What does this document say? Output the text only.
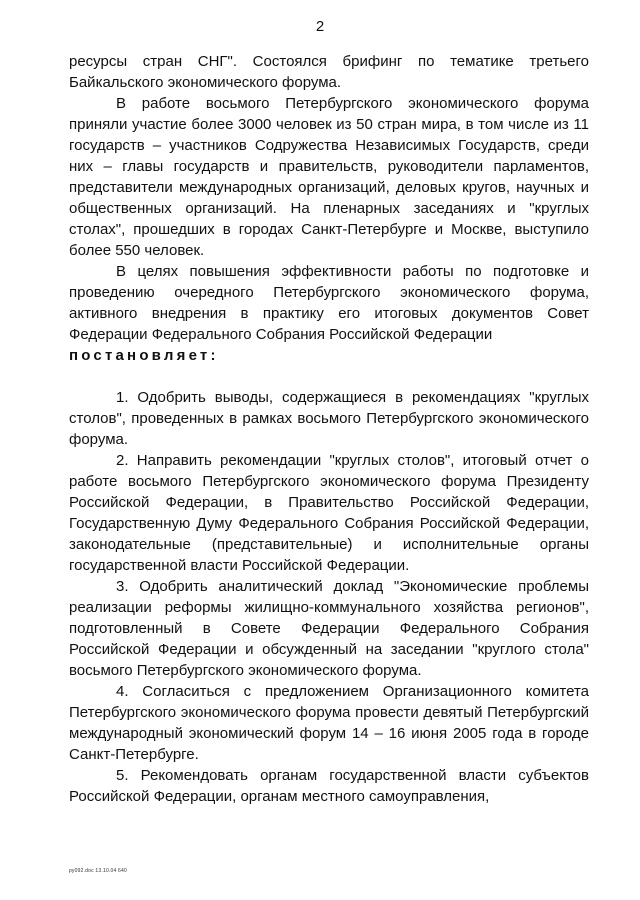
2

ресурсы стран СНГ". Состоялся брифинг по тематике третьего Байкальского экономического форума.

В работе восьмого Петербургского экономического форума приняли участие более 3000 человек из 50 стран мира, в том числе из 11 государств – участников Содружества Независимых Государств, среди них – главы государств и правительств, руководители парламентов, представители международных организаций, деловых кругов, научных и общественных организаций. На пленарных заседаниях и "круглых столах", прошедших в городах Санкт-Петербурге и Москве, выступило более 550 человек.

В целях повышения эффективности работы по подготовке и проведению очередного Петербургского экономического форума, активного внедрения в практику его итоговых документов Совет Федерации Федерального Собрания Российской Федерации

постановляет:

1. Одобрить выводы, содержащиеся в рекомендациях "круглых столов", проведенных в рамках восьмого Петербургского экономического форума.

2. Направить рекомендации "круглых столов", итоговый отчет о работе восьмого Петербургского экономического форума Президенту Российской Федерации, в Правительство Российской Федерации, Государственную Думу Федерального Собрания Российской Федерации, законодательные (представительные) и исполнительные органы государственной власти Российской Федерации.

3. Одобрить аналитический доклад "Экономические проблемы реализации реформы жилищно-коммунального хозяйства регионов", подготовленный в Совете Федерации Федерального Собрания Российской Федерации и обсужденный на заседании "круглого стола" восьмого Петербургского экономического форума.

4. Согласиться с предложением Организационного комитета Петербургского экономического форума провести девятый Петербургский международный экономический форум 14 – 16 июня 2005 года в городе Санкт-Петербурге.

5. Рекомендовать органам государственной власти субъектов Российской Федерации, органам местного самоуправления,

ру092.doc 13.10.04 640
